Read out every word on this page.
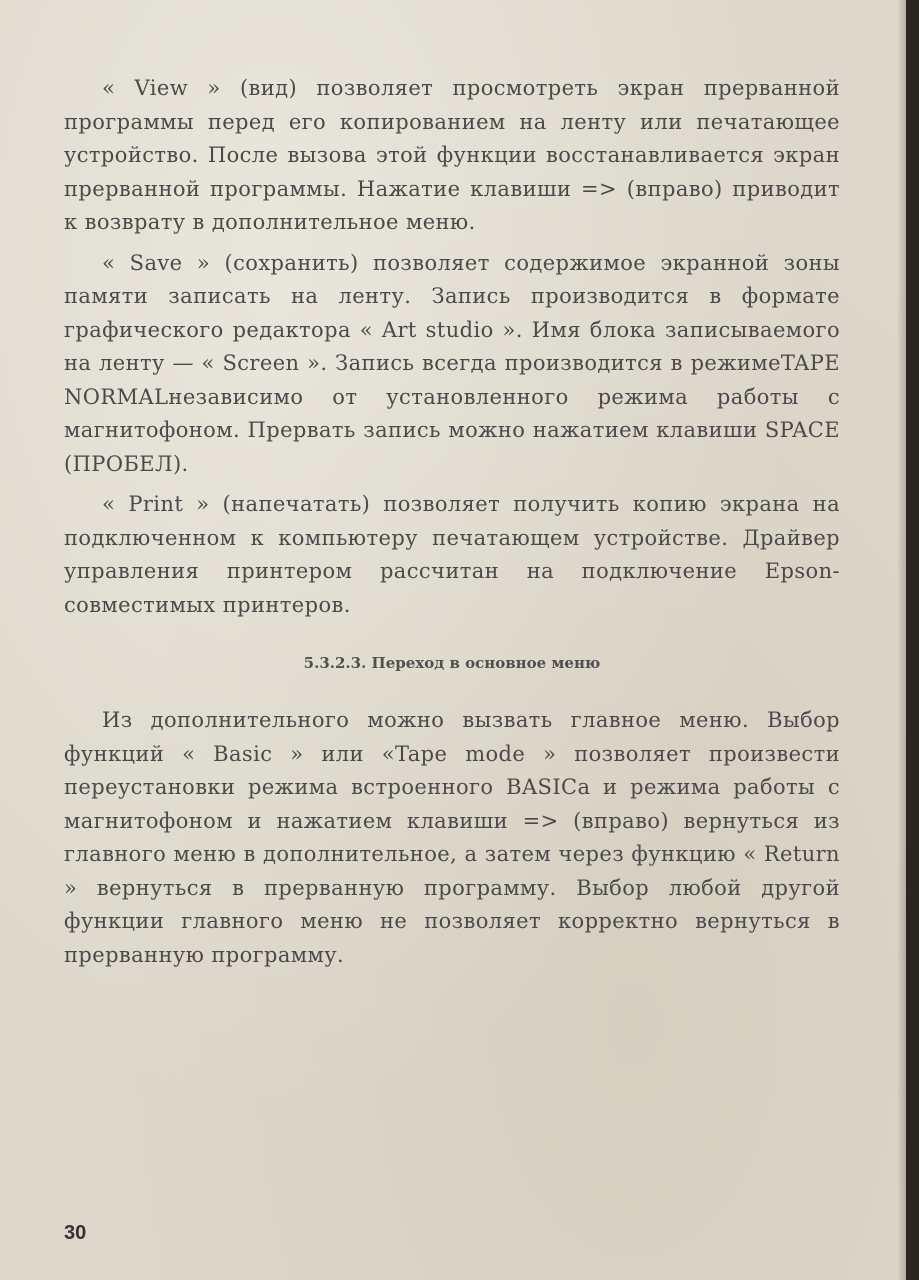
« View » (вид) позволяет просмотреть экран прерванной программы перед его копированием на ленту или печатающее устройство. После вызова этой функции восстанавливается экран прерванной программы. Нажатие клавиши => (вправо) приводит к возврату в дополнительное меню.

« Save » (сохранить) позволяет содержимое экранной зоны памяти записать на ленту. Запись производится в формате графического редактора « Art studio ». Имя блока записываемого на ленту — « Screen ». Запись всегда производится в режимеTAPE NORMALнезависимо от установленного режима работы с магнитофоном. Прервать запись можно нажатием клавиши SPACE (ПРОБЕЛ).

« Print » (напечатать) позволяет получить копию экрана на подключенном к компьютеру печатающем устройстве. Драйвер управления принтером рассчитан на подключение Epson-совместимых принтеров.

5.3.2.3. Переход в основное меню

Из дополнительного можно вызвать главное меню. Выбор функций « Basic » или «Tape mode » позволяет произвести переустановки режима встроенного BASICа и режима работы с магнитофоном и нажатием клавиши => (вправо) вернуться из главного меню в дополнительное, а затем через функцию « Return » вернуться в прерванную программу. Выбор любой другой функции главного меню не позволяет корректно вернуться в прерванную программу.

30
